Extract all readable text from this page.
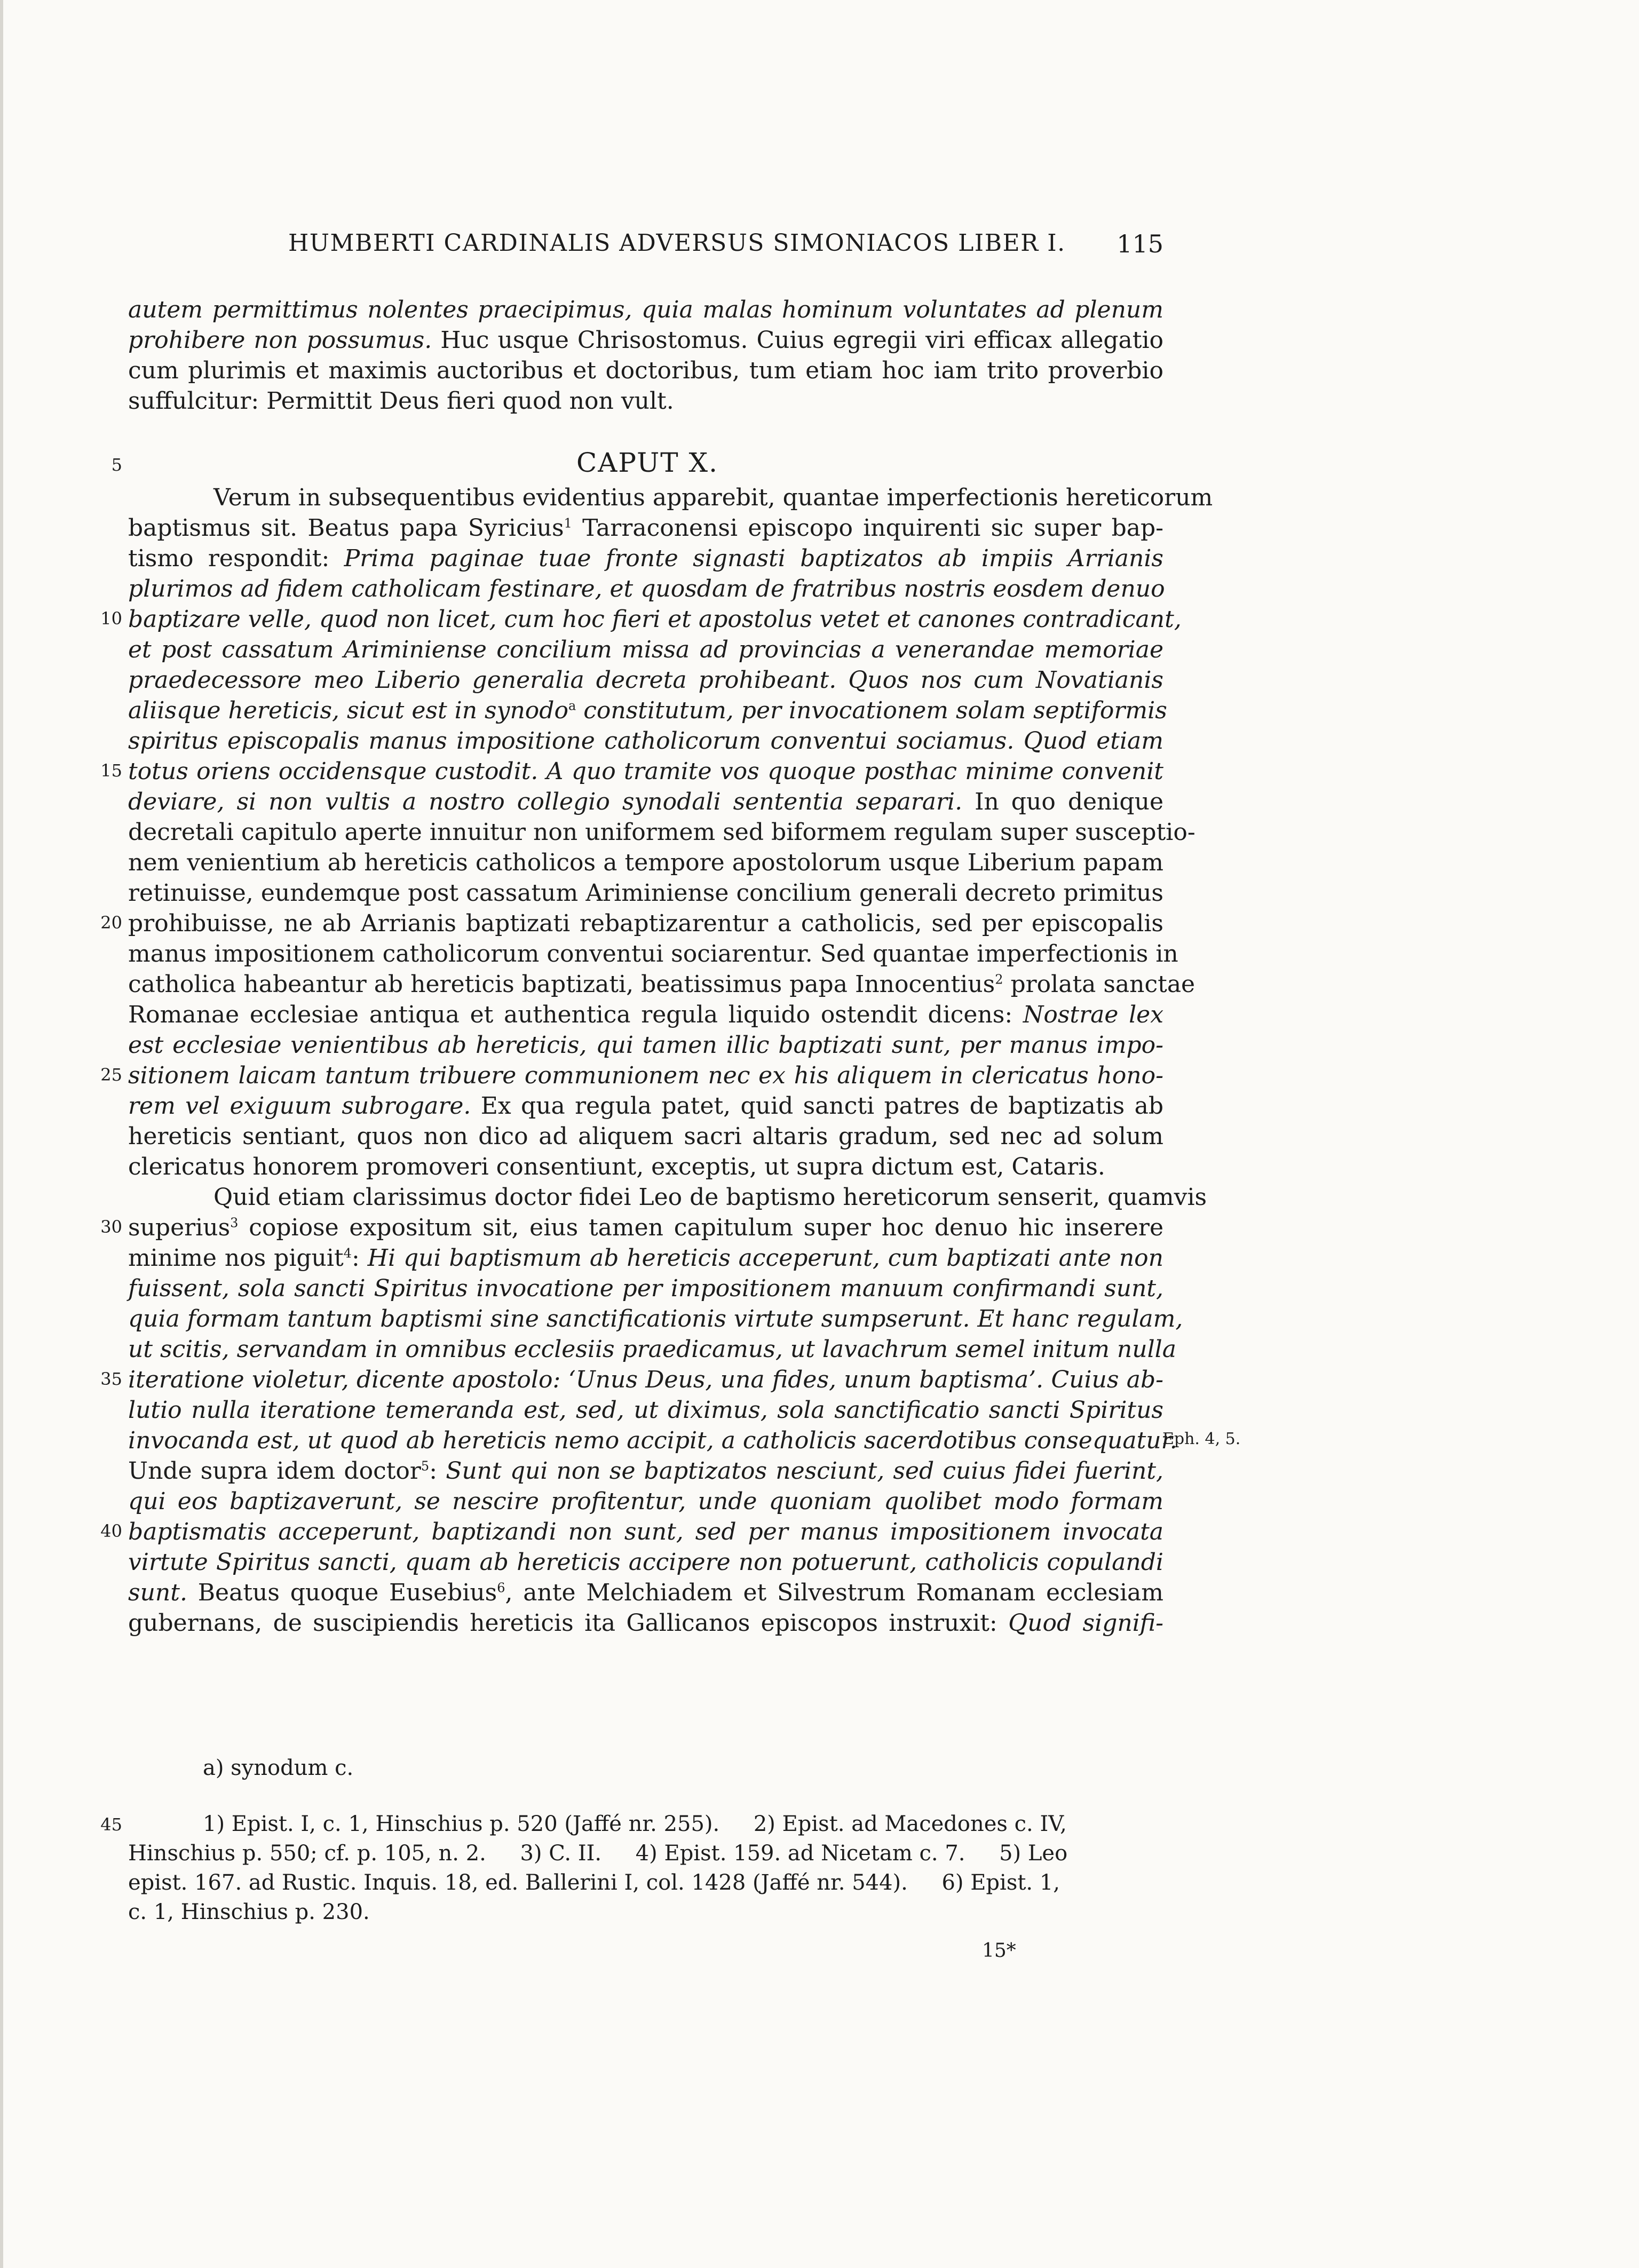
HUMBERTI CARDINALIS ADVERSUS SIMONIACOS LIBER I. 115
autem permittimus nolentes praecipimus, quia malas hominum voluntates ad plenum
prohibere non possumus. Huc usque Chrisostomus. Cuius egregii viri efficax allegatio
cum plurimis et maximis auctoribus et doctoribus, tum etiam hoc iam trito proverbio
suffulcitur: Permittit Deus fieri quod non vult.
5	CAPUT X.
Verum in subsequentibus evidentius apparebit, quantae imperfectionis hereticorum
baptismus sit. Beatus papa Syricius$^1$ Tarraconensi episcopo inquirenti sic super bap-
tismo respondit: Prima paginae tuae fronte signasti baptizatos ab impiis Arrianis
plurimos ad fidem catholicam festinare, et quosdam de fratribus nostris eosdem denuo
10 baptizare velle, quod non licet, cum hoc fieri et apostolus vetet et canones contradicant,
et post cassatum Ariminiense concilium missa ad provincias a venerandae memoriae
praedecessore meo Liberio generalia decreta prohibeant. Quos nos cum Novatianis
aliisque hereticis, sicut est in synodo$^a$ constitutum, per invocationem solam septiformis
spiritus episcopalis manus impositione catholicorum conventui sociamus. Quod etiam
15 totus oriens occidensque custodit. A quo tramite vos quoque posthac minime convenit
deviare, si non vultis a nostro collegio synodali sententia separari. In quo denique
decretali capitulo aperte innuitur non uniformem sed biformem regulam super susceptio-
nem venientium ab hereticis catholicos a tempore apostolorum usque Liberium papam
retinuisse, eundemque post cassatum Ariminiense concilium generali decreto primitus
20 prohibuisse, ne ab Arrianis baptizati rebaptizarentur a catholicis, sed per episcopalis
manus impositionem catholicorum conventui sociarentur. Sed quantae imperfectionis in
catholica habeantur ab hereticis baptizati, beatissimus papa Innocentius$^2$ prolata sanctae
Romanae ecclesiae antiqua et authentica regula liquido ostendit dicens: Nostrae lex
est ecclesiae venientibus ab hereticis, qui tamen illic baptizati sunt, per manus impo-
25 sitionem laicam tantum tribuere communionem nec ex his aliquem in clericatus hono-
rem vel exiguum subrogare. Ex qua regula patet, quid sancti patres de baptizatis ab
hereticis sentiant, quos non dico ad aliquem sacri altaris gradum, sed nec ad solum
clericatus honorem promoveri consentiunt, exceptis, ut supra dictum est, Cataris.
Quid etiam clarissimus doctor fidei Leo de baptismo hereticorum senserit, quamvis
30 superius$^3$ copiose expositum sit, eius tamen capitulum super hoc denuo hic inserere
minime nos piguit$^4$: Hi qui baptismum ab hereticis acceperunt, cum baptizati ante non
fuissent, sola sancti Spiritus invocatione per impositionem manuum confirmandi sunt,
quia formam tantum baptismi sine sanctificationis virtute sumpserunt. Et hanc regulam,
ut scitis, servandam in omnibus ecclesiis praedicamus, ut lavachrum semel initum nulla
35 iteratione violetur, dicente apostolo: ‘Unus Deus, una fides, unum baptisma’. Cuius ab-
lutio nulla iteratione temeranda est, sed, ut diximus, sola sanctificatio sancti Spiritus
invocanda est, ut quod ab hereticis nemo accipit, a catholicis sacerdotibus consequatur.
Unde supra idem doctor$^5$: Sunt qui non se baptizatos nesciunt, sed cuius fidei fuerint,
qui eos baptizaverunt, se nescire profitentur, unde quoniam quolibet modo formam
40 baptismatis acceperunt, baptizandi non sunt, sed per manus impositionem invocata
virtute Spiritus sancti, quam ab hereticis accipere non potuerunt, catholicis copulandi
sunt. Beatus quoque Eusebius$^6$, ante Melchiadem et Silvestrum Romanam ecclesiam
gubernans, de suscipiendis hereticis ita Gallicanos episcopos instruxit: Quod signifi-
Eph. 4, 5.
a) synodum c.
45	1) Epist. I, c. 1, Hinschius p. 520 (Jaffé nr. 255).     2) Epist. ad Macedones c. IV,
Hinschius p. 550; cf. p. 105, n. 2.     3) C. II.     4) Epist. 159. ad Nicetam c. 7.     5) Leo
epist. 167. ad Rustic. Inquis. 18, ed. Ballerini I, col. 1428 (Jaffé nr. 544).     6) Epist. 1,
c. 1, Hinschius p. 230.
15*
